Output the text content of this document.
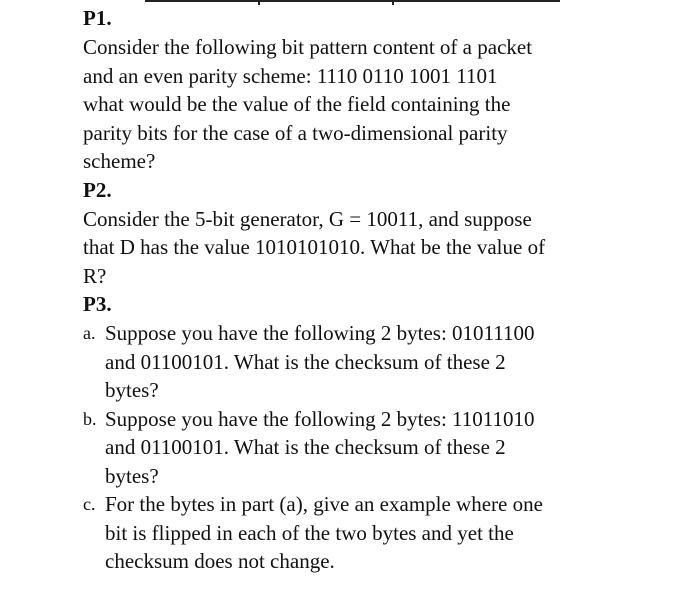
P1.

Consider the following bit pattern content of a packet
and an even parity scheme: 1110 0110 1001 1101
what would be the value of the field containing the
parity bits for the case of a two-dimensional parity
scheme?

P2.

Consider the 5-bit generator, G = 10011, and suppose
that D has the value 1010101010. What be the value of
R?

P3.

a. Suppose you have the following 2 bytes: 01011100
and 01100101. What is the checksum of these 2
bytes?
b. Suppose you have the following 2 bytes: 11011010
and 01100101. What is the checksum of these 2
bytes?
c. For the bytes in part (a), give an example where one
bit is flipped in each of the two bytes and yet the
checksum does not change.
